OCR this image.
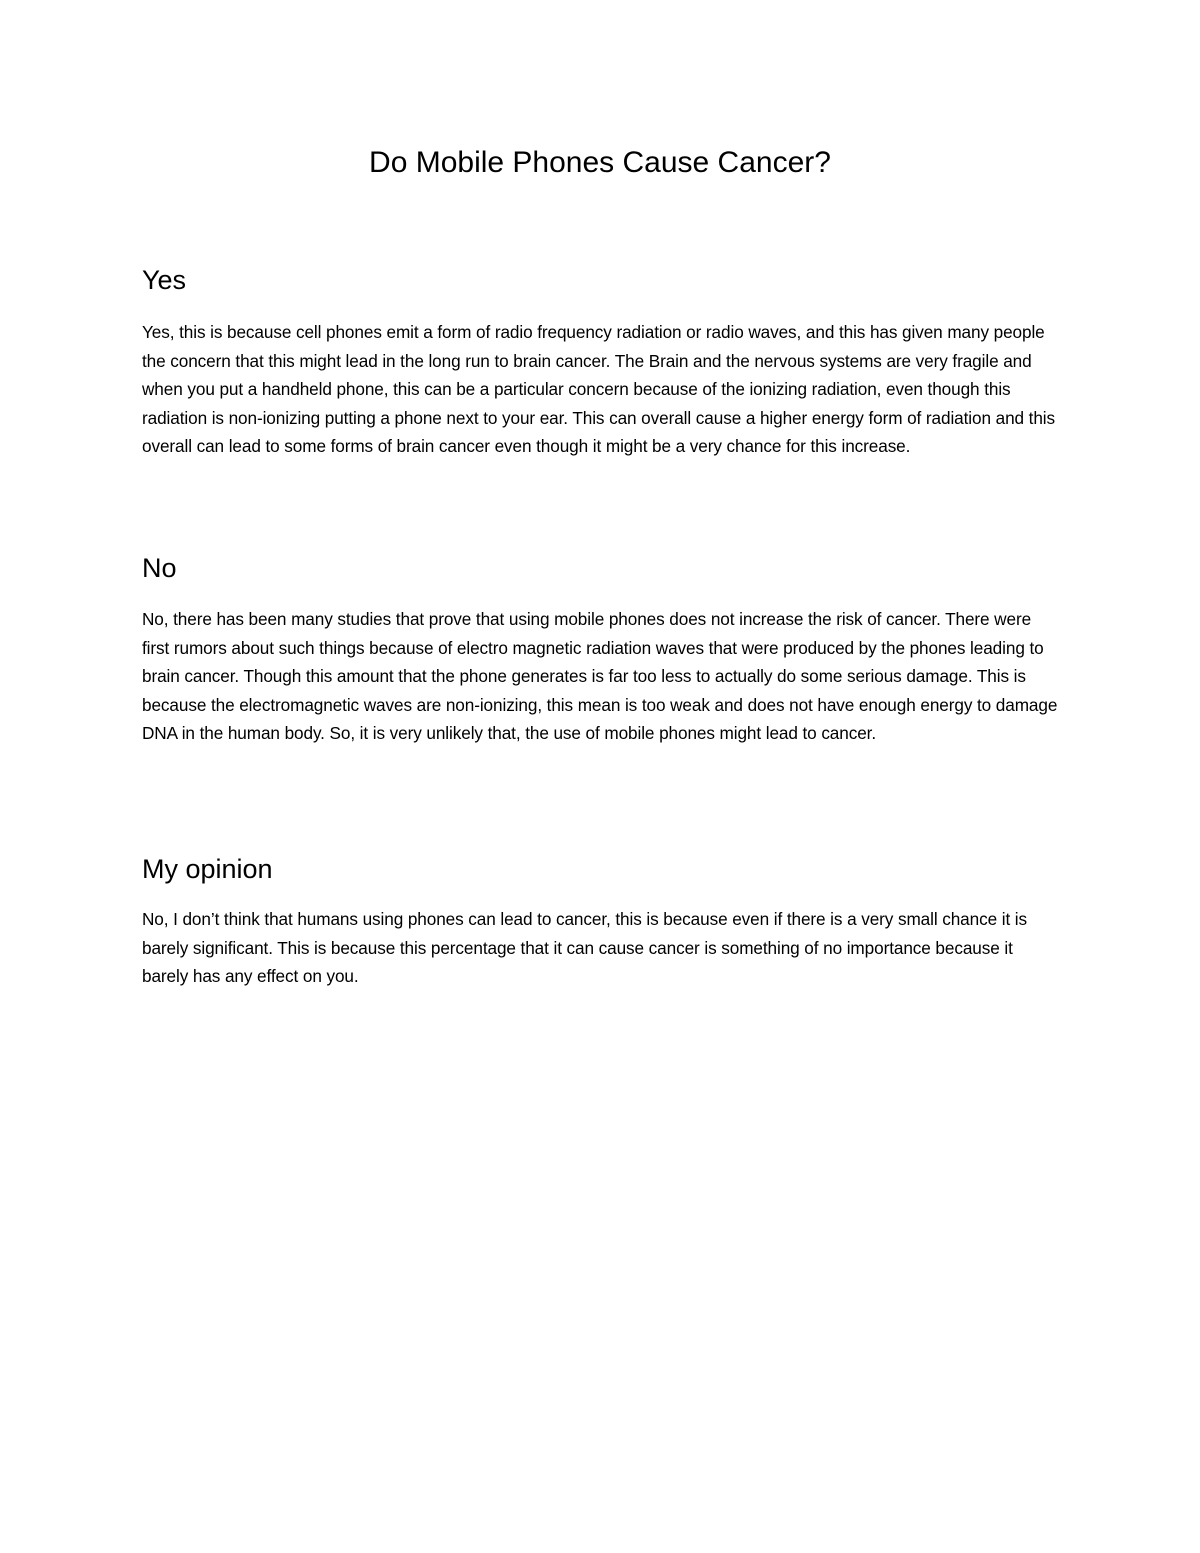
Do Mobile Phones Cause Cancer?
Yes

Yes, this is because cell phones emit a form of radio frequency radiation or radio waves, and this has given many people the concern that this might lead in the long run to brain cancer. The Brain and the nervous systems are very fragile and when you put a handheld phone, this can be a particular concern because of the ionizing radiation, even though this radiation is non-ionizing putting a phone next to your ear. This can overall cause a higher energy form of radiation and this overall can lead to some forms of brain cancer even though it might be a very chance for this increase.

No

No, there has been many studies that prove that using mobile phones does not increase the risk of cancer. There were first rumors about such things because of electro magnetic radiation waves that were produced by the phones leading to brain cancer. Though this amount that the phone generates is far too less to actually do some serious damage. This is because the electromagnetic waves are non-ionizing, this mean is too weak and does not have enough energy to damage DNA in the human body. So, it is very unlikely that, the use of mobile phones might lead to cancer.

My opinion

No, I don’t think that humans using phones can lead to cancer, this is because even if there is a very small chance it is barely significant. This is because this percentage that it can cause cancer is something of no importance because it barely has any effect on you.
